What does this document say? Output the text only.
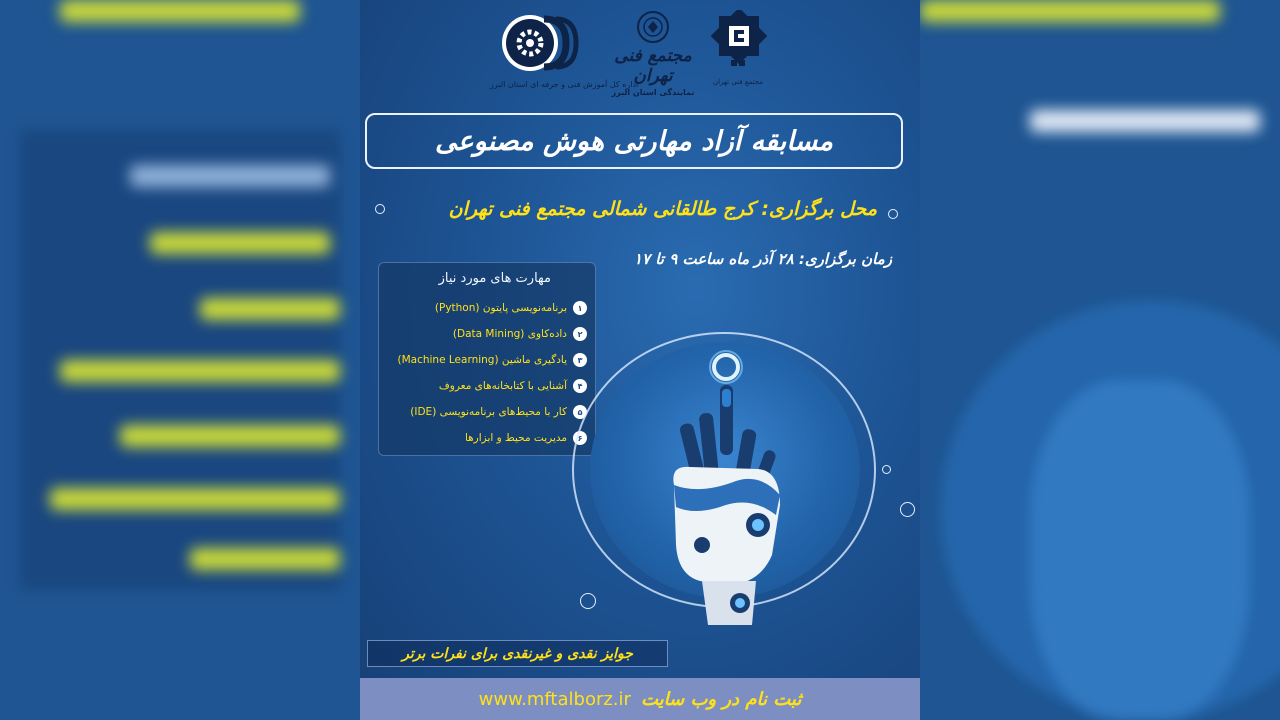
اداره کل آموزش فنی و حرفه ای استان البرز
مجتمع فنی تهران
نمایندگی استان البرز
مجتمع فنی تهران
مسابقه آزاد مهارتی هوش مصنوعی
محل برگزاری: کرج طالقانی شمالی مجتمع فنی تهران
زمان برگزاری: ۲۸ آذر ماه ساعت ۹ تا ۱۷
مهارت های مورد نیاز
۱
برنامه‌نویسی پایتون (Python)
۲
داده‌کاوی (Data Mining)
۳
یادگیری ماشین (Machine Learning)
۴
آشنایی با کتابخانه‌های معروف
۵
کار با محیط‌های برنامه‌نویسی (IDE)
۶
مدیریت محیط و ابزارها
جوایز نقدی و غیرنقدی برای نفرات برتر
www.mftalborz.ir ثبت نام در وب سایت
